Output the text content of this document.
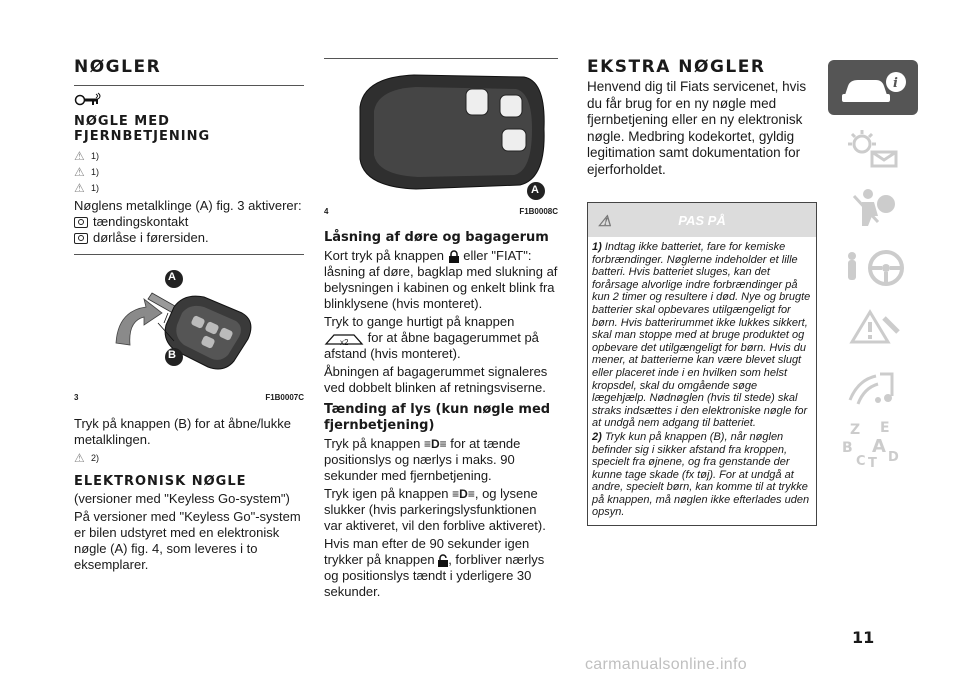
NØGLER
NØGLE MED
FJERNBETJENING
⚠ 1)
⚠ 1)
⚠ 1)
Nøglens metalklinge (A) fig. 3 aktiverer:
tændingskontakt
dørlåse i førersiden.
A
B
3	F1B0007C
Tryk på knappen (B) for at åbne/lukke metalklingen.
⚠ 2)
ELEKTRONISK NØGLE
(versioner med "Keyless Go-system")
På versioner med "Keyless Go"-system er bilen udstyret med en elektronisk nøgle (A) fig. 4, som leveres i to eksemplarer.
A
4	F1B0008C
Låsning af døre og bagagerum
Kort tryk på knappen eller "FIAT": låsning af døre, bagklap med slukning af belysningen i kabinen og enkelt blink fra blinklysene (hvis monteret).
Tryk to gange hurtigt på knappen

x2 for at åbne bagagerummet på afstand (hvis monteret).
Åbningen af bagagerummet signaleres ved dobbelt blinken af retningsviserne.
Tænding af lys (kun nøgle med fjernbetjening)
Tryk på knappen ≡D≡ for at tænde positionslys og nærlys i maks. 90 sekunder med fjernbetjening.
Tryk igen på knappen ≡D≡, og lysene slukker (hvis parkeringslysfunktionen var aktiveret, vil den forblive aktiveret).
Hvis man efter de 90 sekunder igen trykker på knappen , forbliver nærlys og positionslys tændt i yderligere 30 sekunder.
EKSTRA NØGLER
Henvend dig til Fiats servicenet, hvis du får brug for en ny nøgle med fjernbetjening eller en ny elektronisk nøgle. Medbring kodekortet, gyldig legitimation samt dokumentation for ejerforholdet.
⚠	PAS PÅ
1) Indtag ikke batteriet, fare for kemiske forbrændinger. Nøglerne indeholder et lille batteri. Hvis batteriet sluges, kan det forårsage alvorlige indre forbrændinger på kun 2 timer og resultere i død. Nye og brugte batterier skal opbevares utilgængeligt for børn. Hvis batterirummet ikke lukkes sikkert, skal man stoppe med at bruge produktet og opbevare det utilgængeligt for børn. Hvis du mener, at batterierne kan være blevet slugt eller placeret inde i en hvilken som helst kropsdel, skal du omgående søge lægehjælp. Nødnøglen (hvis til stede) skal straks indsættes i den elektroniske nøgle for at undgå nem adgang til batteriet.
2) Tryk kun på knappen (B), når nøglen befinder sig i sikker afstand fra kroppen, specielt fra øjnene, og fra genstande der kunne tage skade (fx tøj). For at undgå at andre, specielt børn, kan komme til at trykke på knappen, må nøglen ikke efterlades uden opsyn.
i
Z E
B A
C T D
11
carmanualsonline.info
